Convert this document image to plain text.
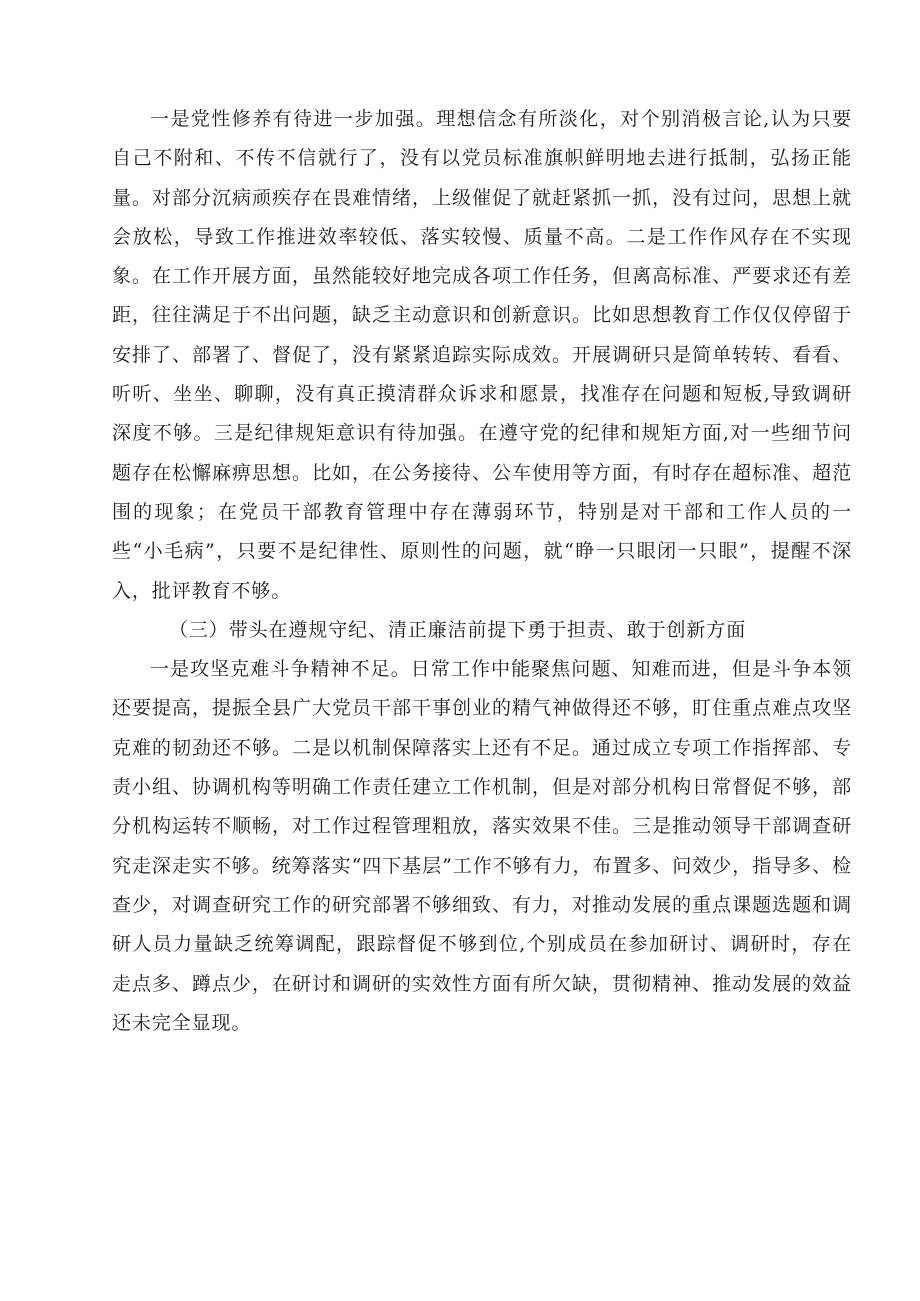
一是党性修养有待进一步加强。理想信念有所淡化，对个别消极言论,认为只要自己不附和、不传不信就行了，没有以党员标准旗帜鲜明地去进行抵制，弘扬正能量。对部分沉病顽疾存在畏难情绪，上级催促了就赶紧抓一抓，没有过问，思想上就会放松，导致工作推进效率较低、落实较慢、质量不高。二是工作作风存在不实现象。在工作开展方面，虽然能较好地完成各项工作任务，但离高标准、严要求还有差距，往往满足于不出问题，缺乏主动意识和创新意识。比如思想教育工作仅仅停留于安排了、部署了、督促了，没有紧紧追踪实际成效。开展调研只是简单转转、看看、听听、坐坐、聊聊，没有真正摸清群众诉求和愿景，找准存在问题和短板,导致调研深度不够。三是纪律规矩意识有待加强。在遵守党的纪律和规矩方面,对一些细节问题存在松懈麻痹思想。比如，在公务接待、公车使用等方面，有时存在超标准、超范围的现象；在党员干部教育管理中存在薄弱环节，特别是对干部和工作人员的一些“小毛病”，只要不是纪律性、原则性的问题，就“睁一只眼闭一只眼”，提醒不深入，批评教育不够。

（三）带头在遵规守纪、清正廉洁前提下勇于担责、敢于创新方面

一是攻坚克难斗争精神不足。日常工作中能聚焦问题、知难而进，但是斗争本领还要提高，提振全县广大党员干部干事创业的精气神做得还不够，盯住重点难点攻坚克难的韧劲还不够。二是以机制保障落实上还有不足。通过成立专项工作指挥部、专责小组、协调机构等明确工作责任建立工作机制，但是对部分机构日常督促不够，部分机构运转不顺畅，对工作过程管理粗放，落实效果不佳。三是推动领导干部调查研究走深走实不够。统筹落实“四下基层”工作不够有力，布置多、问效少，指导多、检查少，对调查研究工作的研究部署不够细致、有力，对推动发展的重点课题选题和调研人员力量缺乏统筹调配，跟踪督促不够到位,个别成员在参加研讨、调研时，存在走点多、蹲点少，在研讨和调研的实效性方面有所欠缺，贯彻精神、推动发展的效益还未完全显现。
